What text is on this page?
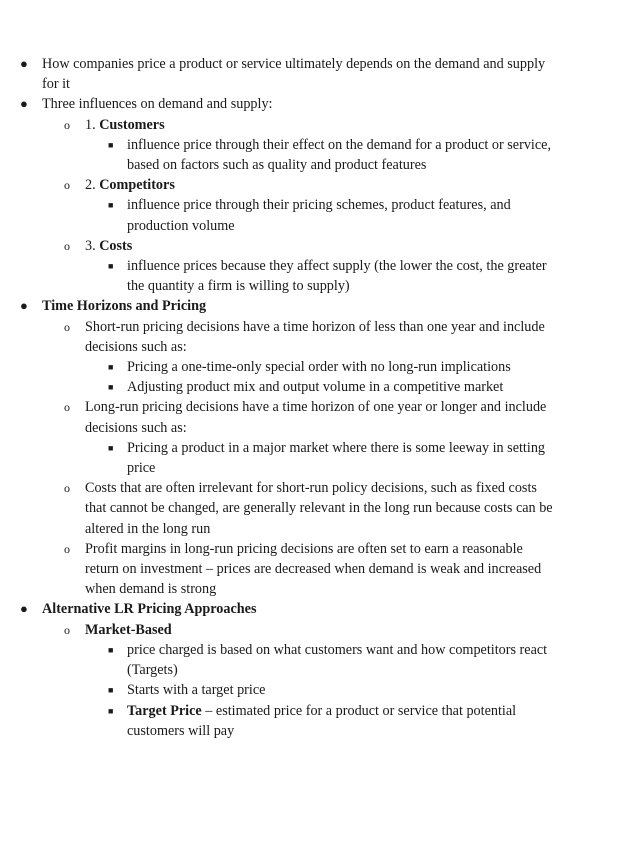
● How companies price a product or service ultimately depends on the demand and supply for it
● Three influences on demand and supply:
o 1. Customers
■ influence price through their effect on the demand for a product or service, based on factors such as quality and product features
o 2. Competitors
■ influence price through their pricing schemes, product features, and production volume
o 3. Costs
■ influence prices because they affect supply (the lower the cost, the greater the quantity a firm is willing to supply)
● Time Horizons and Pricing
o Short-run pricing decisions have a time horizon of less than one year and include decisions such as:
■ Pricing a one-time-only special order with no long-run implications
■ Adjusting product mix and output volume in a competitive market
o Long-run pricing decisions have a time horizon of one year or longer and include decisions such as:
■ Pricing a product in a major market where there is some leeway in setting price
o Costs that are often irrelevant for short-run policy decisions, such as fixed costs that cannot be changed, are generally relevant in the long run because costs can be altered in the long run
o Profit margins in long-run pricing decisions are often set to earn a reasonable return on investment – prices are decreased when demand is weak and increased when demand is strong
● Alternative LR Pricing Approaches
o Market-Based
■ price charged is based on what customers want and how competitors react (Targets)
■ Starts with a target price
■ Target Price – estimated price for a product or service that potential customers will pay
